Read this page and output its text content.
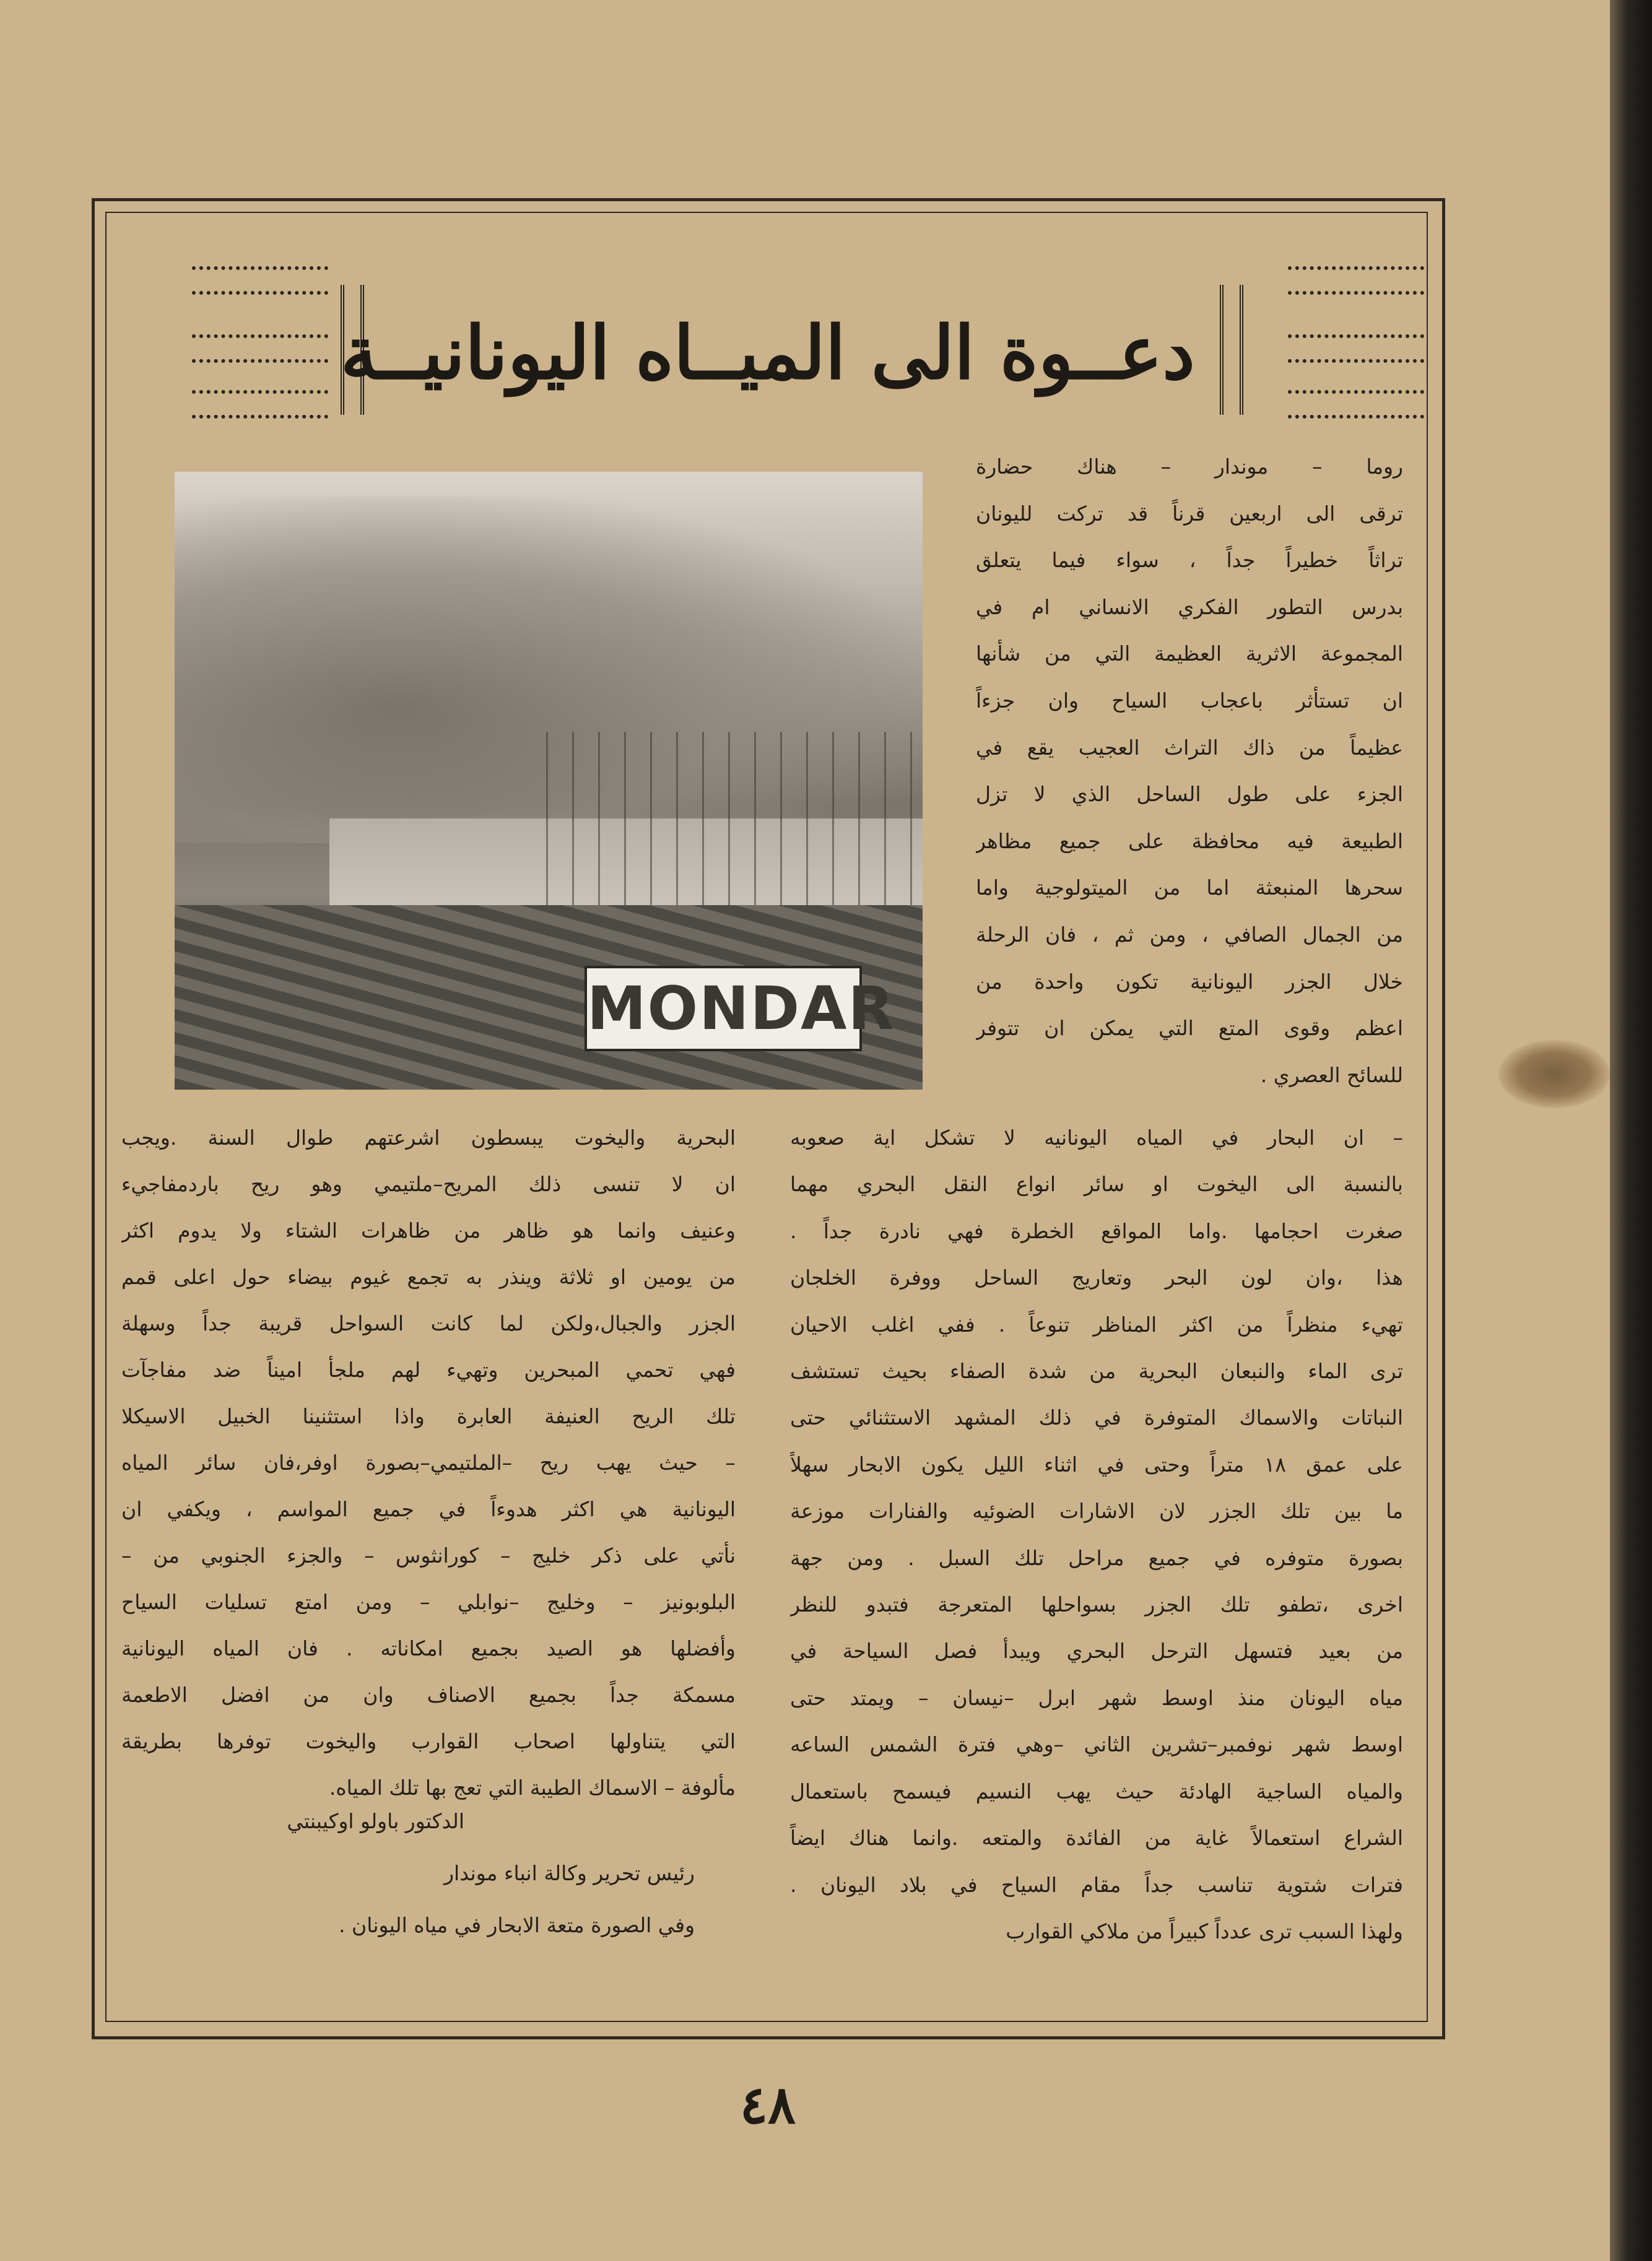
دعــوة الى الميــاه اليونانيــة
MONDAR
روما – موندار – هناك حضارة
ترقى الى اربعين قرناً قد تركت لليونان
تراثاً خطيراً جداً ، سواء فيما يتعلق
بدرس التطور الفكري الانساني ام في
المجموعة الاثرية العظيمة التي من شأنها
ان تستأثر باعجاب السياح وان جزءاً
عظيماً من ذاك التراث العجيب يقع في
الجزء على طول الساحل الذي لا تزل
الطبيعة فيه محافظة على جميع مظاهر
سحرها المنبعثة اما من الميتولوجية واما
من الجمال الصافي ، ومن ثم ، فان الرحلة
خلال الجزر اليونانية تكون واحدة من
اعظم وقوى المتع التي يمكن ان تتوفر
للسائح العصري .
– ان البحار في المياه اليونانيه لا تشكل اية صعوبه
بالنسبة الى اليخوت او سائر انواع النقل البحري مهما
صغرت احجامها .واما المواقع الخطرة فهي نادرة جداً .
هذا ،وان لون البحر وتعاريج الساحل ووفرة الخلجان
تهيء منظراً من اكثر المناظر تنوعاً . ففي اغلب الاحيان
ترى الماء والنبعان البحرية من شدة الصفاء بحيث تستشف
النباتات والاسماك المتوفرة في ذلك المشهد الاستثنائي حتى
على عمق ١٨ متراً وحتى في اثناء الليل يكون الابحار سهلاً
ما بين تلك الجزر لان الاشارات الضوئيه والفنارات موزعة
بصورة متوفره في جميع مراحل تلك السبل . ومن جهة
اخرى ،تطفو تلك الجزر بسواحلها المتعرجة فتبدو للنظر
من بعيد فتسهل الترحل البحري ويبدأ فصل السياحة في
مياه اليونان منذ اوسط شهر ابرل –نيسان – ويمتد حتى
اوسط شهر نوفمبر–تشرين الثاني –وهي فترة الشمس الساعه
والمياه الساجية الهادئة حيث يهب النسيم فيسمح باستعمال
الشراع استعمالاً غاية من الفائدة والمتعه .وانما هناك ايضاً
فترات شتوية تناسب جداً مقام السياح في بلاد اليونان .
ولهذا السبب ترى عدداً كبيراً من ملاكي القوارب
البحرية واليخوت يبسطون اشرعتهم طوال السنة .ويجب
ان لا تنسى ذلك المريح–ملتيمي وهو ريح باردمفاجيء
وعنيف وانما هو ظاهر من ظاهرات الشتاء ولا يدوم اكثر
من يومين او ثلاثة وينذر به تجمع غيوم بيضاء حول اعلى قمم
الجزر والجبال،ولكن لما كانت السواحل قريبة جداً وسهلة
فهي تحمي المبحرين وتهيء لهم ملجأ اميناً ضد مفاجآت
تلك الريح العنيفة العابرة واذا استثنينا الخبيل الاسيكلا
– حيث يهب ريح –الملتيمي–بصورة اوفر،فان سائر المياه
اليونانية هي اكثر هدوءاً في جميع المواسم ، ويكفي ان
نأتي على ذكر خليج – كورانثوس – والجزء الجنوبي من –
البلوبونيز – وخليج –نوابلي – ومن امتع تسليات السياح
وأفضلها هو الصيد بجميع امكاناته . فان المياه اليونانية
مسمكة جداً بجميع الاصناف وان من افضل الاطعمة
التي يتناولها اصحاب القوارب واليخوت توفرها بطريقة
مألوفة – الاسماك الطيبة التي تعج بها تلك المياه.
الدكتور باولو اوكيبنتي
رئيس تحرير وكالة انباء موندار
وفي الصورة متعة الابحار في مياه اليونان .
٤٨
